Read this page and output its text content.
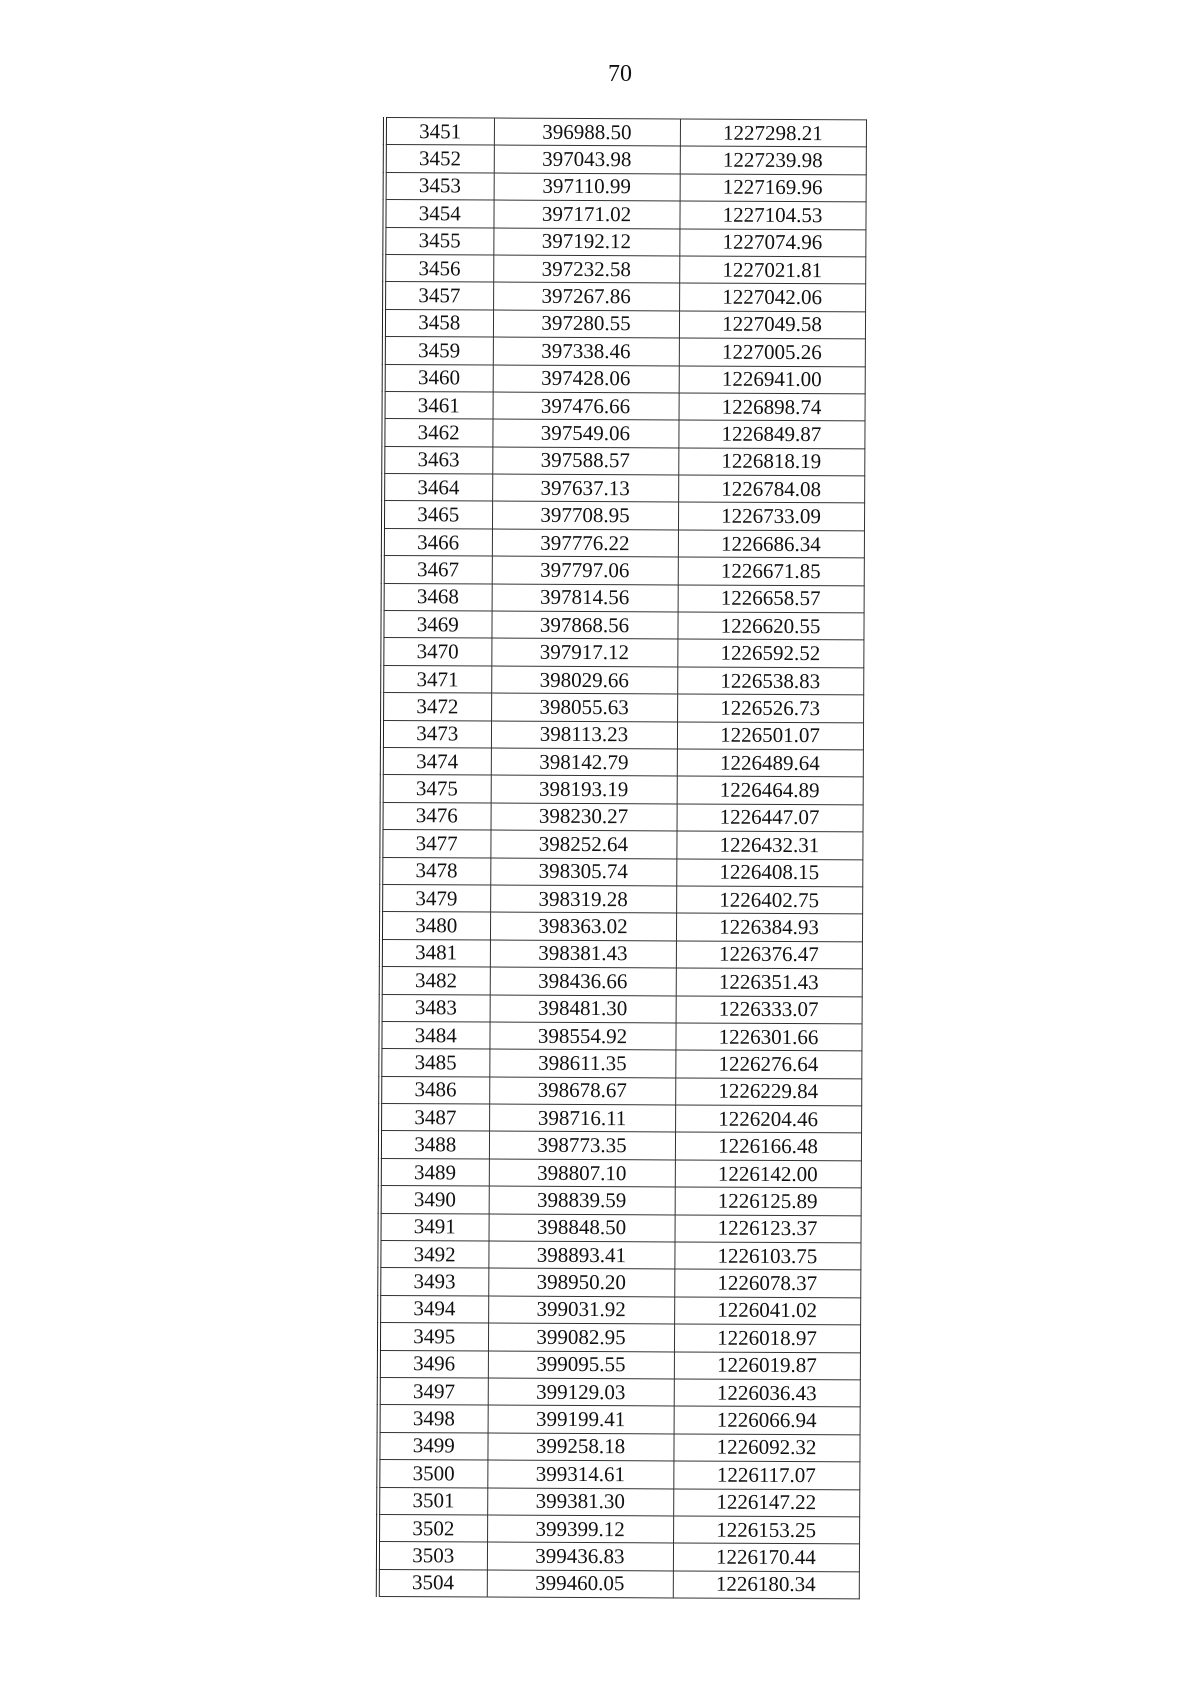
70
3451	396988.50	1227298.21
3452	397043.98	1227239.98
3453	397110.99	1227169.96
3454	397171.02	1227104.53
3455	397192.12	1227074.96
3456	397232.58	1227021.81
3457	397267.86	1227042.06
3458	397280.55	1227049.58
3459	397338.46	1227005.26
3460	397428.06	1226941.00
3461	397476.66	1226898.74
3462	397549.06	1226849.87
3463	397588.57	1226818.19
3464	397637.13	1226784.08
3465	397708.95	1226733.09
3466	397776.22	1226686.34
3467	397797.06	1226671.85
3468	397814.56	1226658.57
3469	397868.56	1226620.55
3470	397917.12	1226592.52
3471	398029.66	1226538.83
3472	398055.63	1226526.73
3473	398113.23	1226501.07
3474	398142.79	1226489.64
3475	398193.19	1226464.89
3476	398230.27	1226447.07
3477	398252.64	1226432.31
3478	398305.74	1226408.15
3479	398319.28	1226402.75
3480	398363.02	1226384.93
3481	398381.43	1226376.47
3482	398436.66	1226351.43
3483	398481.30	1226333.07
3484	398554.92	1226301.66
3485	398611.35	1226276.64
3486	398678.67	1226229.84
3487	398716.11	1226204.46
3488	398773.35	1226166.48
3489	398807.10	1226142.00
3490	398839.59	1226125.89
3491	398848.50	1226123.37
3492	398893.41	1226103.75
3493	398950.20	1226078.37
3494	399031.92	1226041.02
3495	399082.95	1226018.97
3496	399095.55	1226019.87
3497	399129.03	1226036.43
3498	399199.41	1226066.94
3499	399258.18	1226092.32
3500	399314.61	1226117.07
3501	399381.30	1226147.22
3502	399399.12	1226153.25
3503	399436.83	1226170.44
3504	399460.05	1226180.34
